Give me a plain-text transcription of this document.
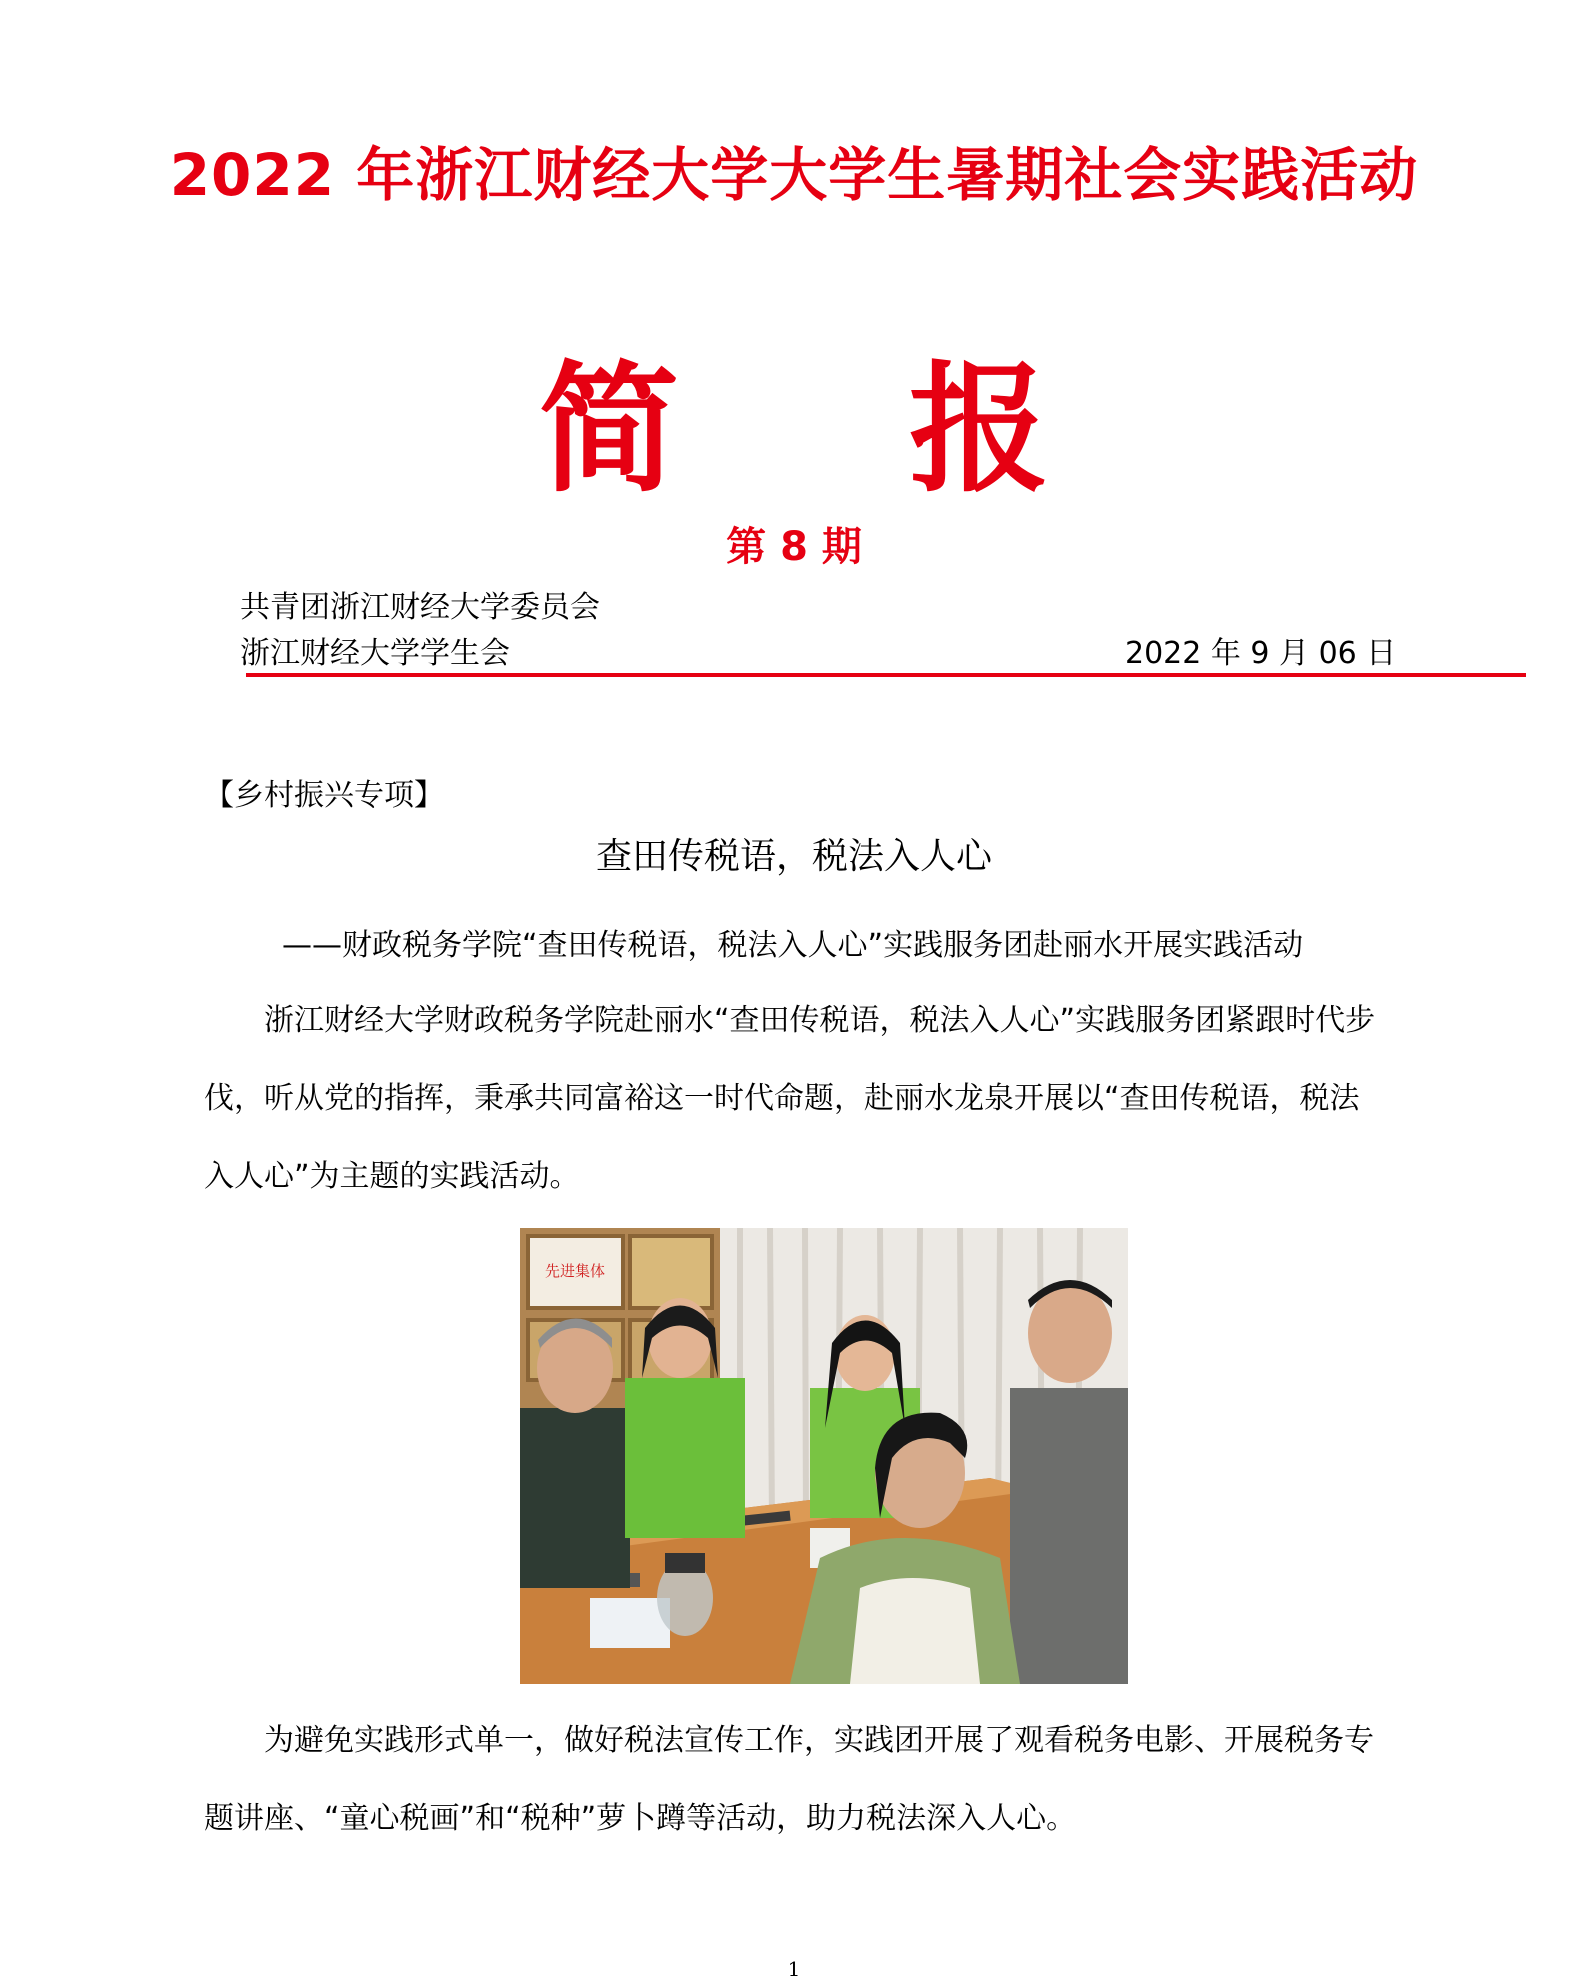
2022 年浙江财经大学大学生暑期社会实践活动
简 报
第 8 期
共青团浙江财经大学委员会
浙江财经大学学生会	2022 年 9 月 06 日
【乡村振兴专项】
查田传税语，税法入人心
——财政税务学院“查田传税语，税法入人心”实践服务团赴丽水开展实践活动
浙江财经大学财政税务学院赴丽水“查田传税语，税法入人心”实践服务团紧跟时代步伐，听从党的指挥，秉承共同富裕这一时代命题，赴丽水龙泉开展以“查田传税语，税法入人心”为主题的实践活动。
先进集体
为避免实践形式单一，做好税法宣传工作，实践团开展了观看税务电影、开展税务专题讲座、“童心税画”和“税种”萝卜蹲等活动，助力税法深入人心。
1
